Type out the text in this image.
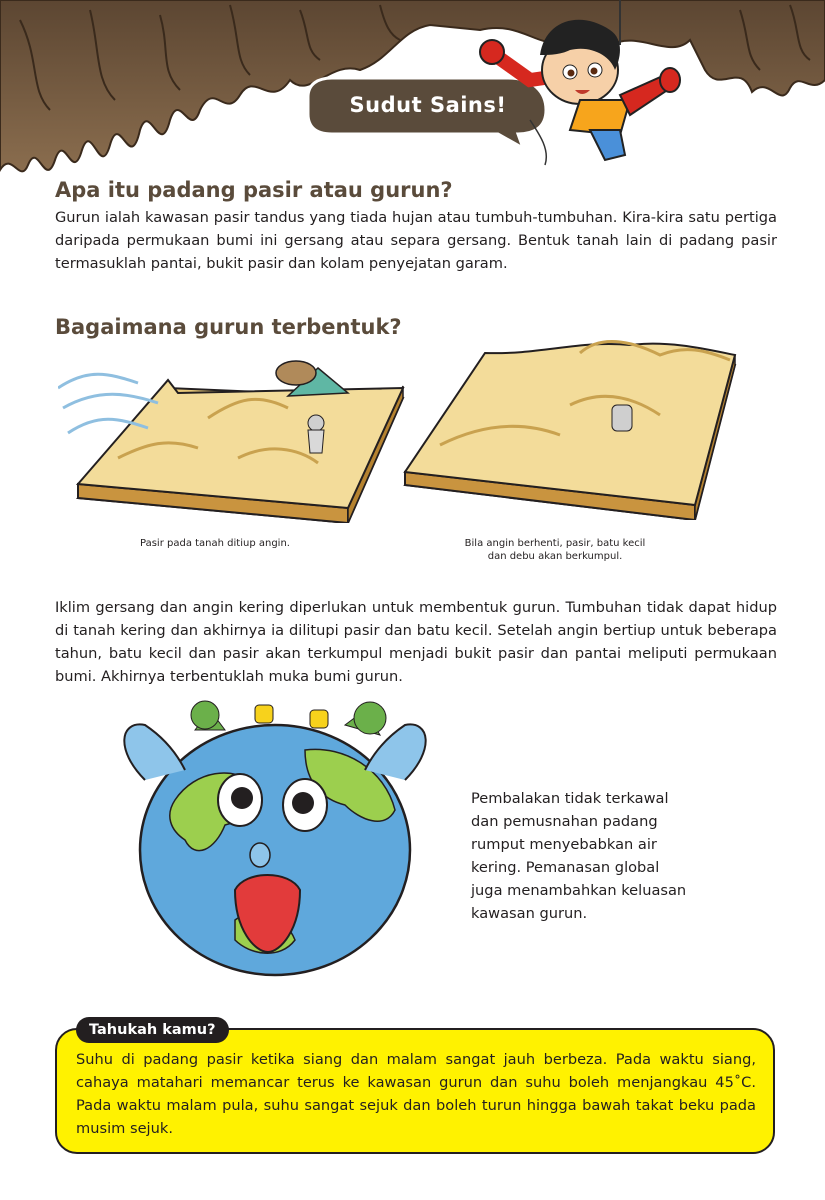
Sudut Sains!
Apa itu padang pasir atau gurun?
Gurun ialah kawasan pasir tandus yang tiada hujan atau tumbuh-tumbuhan. Kira-kira satu pertiga daripada permukaan bumi ini gersang atau separa gersang. Bentuk tanah lain di padang pasir termasuklah pantai, bukit pasir dan kolam penyejatan garam.
Bagaimana gurun terbentuk?
Pasir pada tanah ditiup angin.	Bila angin berhenti, pasir, batu kecil
dan debu akan berkumpul.
Iklim gersang dan angin kering diperlukan untuk membentuk gurun. Tumbuhan tidak dapat hidup di tanah kering dan akhirnya ia dilitupi pasir dan batu kecil. Setelah angin bertiup untuk beberapa tahun, batu kecil dan pasir akan terkumpul menjadi bukit pasir dan pantai meliputi permukaan bumi. Akhirnya terbentuklah muka bumi gurun.
Pembalakan tidak terkawal
dan pemusnahan padang
rumput menyebabkan air
kering. Pemanasan global
juga menambahkan keluasan
kawasan gurun.
Tahukah kamu?
Suhu di padang pasir ketika siang dan malam sangat jauh berbeza. Pada waktu siang, cahaya matahari memancar terus ke kawasan gurun dan suhu boleh menjangkau 45˚C. Pada waktu malam pula, suhu sangat sejuk dan boleh turun hingga bawah takat beku pada musim sejuk.
